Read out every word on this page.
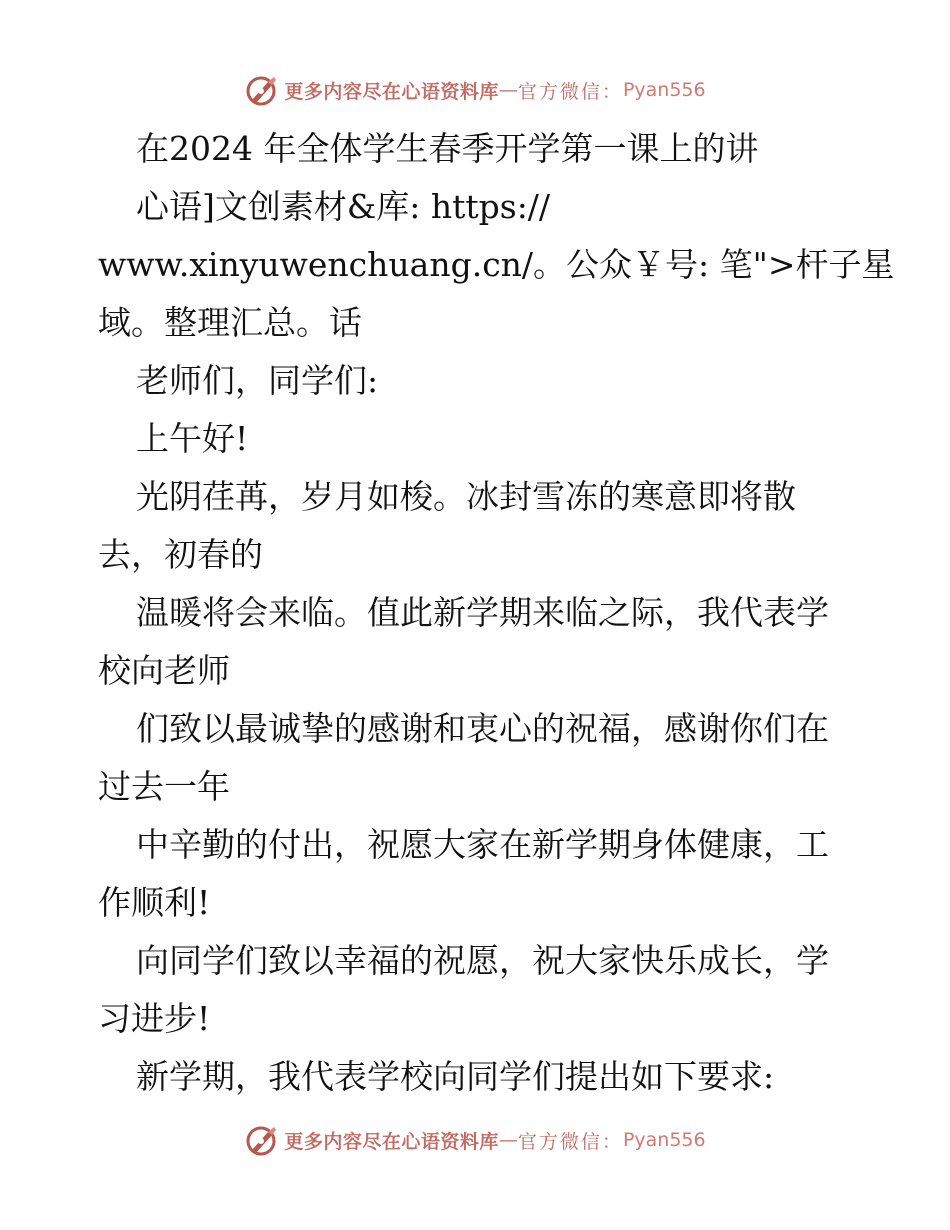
更多内容尽在心语资料库 — 官方微信： Pyan556
在2024 年全体学生春季开学第一课上的讲
心语]文创素材&库: https://
www.xinyuwenchuang.cn/。公众￥号: 笔">杆子星
域。整理汇总。话
老师们，同学们:
上午好!
光阴荏苒，岁月如梭。冰封雪冻的寒意即将散
去，初春的
温暖将会来临。值此新学期来临之际，我代表学
校向老师
们致以最诚挚的感谢和衷心的祝福，感谢你们在
过去一年
中辛勤的付出，祝愿大家在新学期身体健康，工
作顺利!
向同学们致以幸福的祝愿，祝大家快乐成长，学
习进步!
新学期，我代表学校向同学们提出如下要求:
更多内容尽在心语资料库 — 官方微信： Pyan556
